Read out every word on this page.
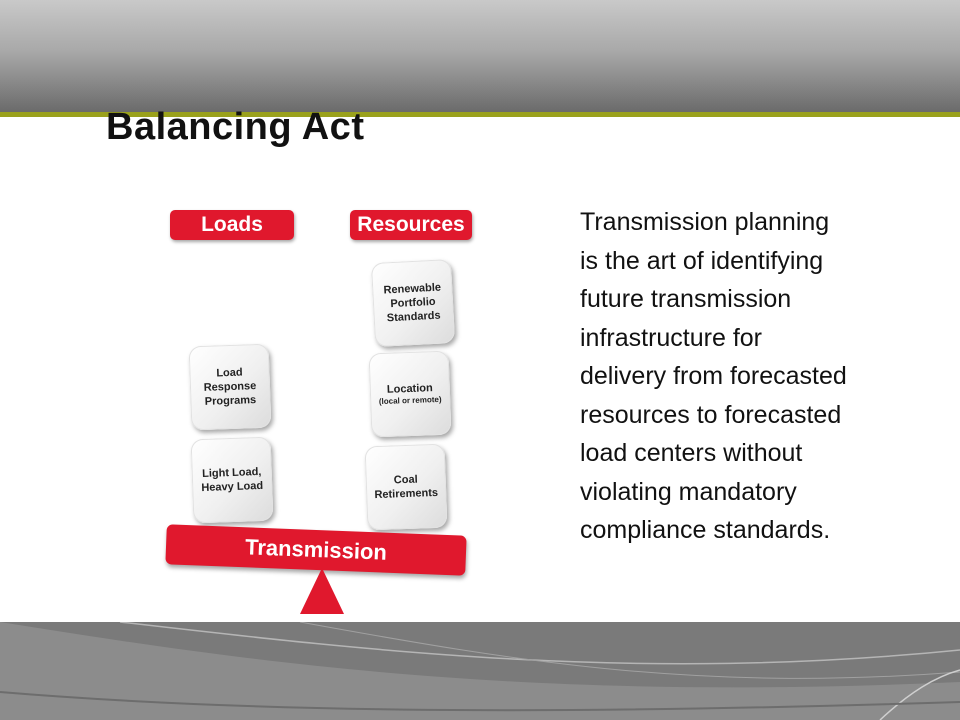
Balancing Act
Loads	Resources
Load
Response
Programs
Light Load,
Heavy Load
Renewable
Portfolio
Standards

Location

(local or remote)

Coal
Retirements
Transmission
Transmission planning
is the art of identifying
future transmission
infrastructure for
delivery from forecasted
resources to forecasted
load centers without
violating mandatory
compliance standards.
